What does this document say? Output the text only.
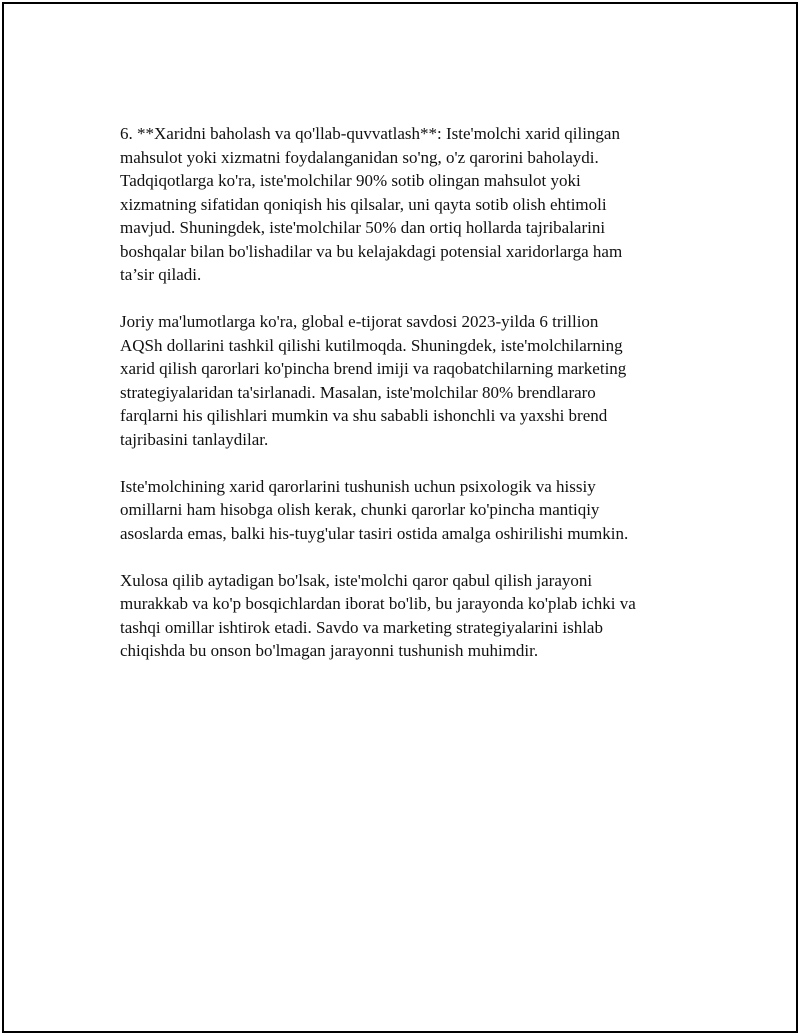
6. **Xaridni baholash va qo'llab-quvvatlash**: Iste'molchi xarid qilingan
mahsulot yoki xizmatni foydalanganidan so'ng, o'z qarorini baholaydi.
Tadqiqotlarga ko'ra, iste'molchilar 90% sotib olingan mahsulot yoki
xizmatning sifatidan qoniqish his qilsalar, uni qayta sotib olish ehtimoli
mavjud. Shuningdek, iste'molchilar 50% dan ortiq hollarda tajribalarini
boshqalar bilan bo'lishadilar va bu kelajakdagi potensial xaridorlarga ham
ta’sir qiladi.

Joriy ma'lumotlarga ko'ra, global e-tijorat savdosi 2023-yilda 6 trillion
AQSh dollarini tashkil qilishi kutilmoqda. Shuningdek, iste'molchilarning
xarid qilish qarorlari ko'pincha brend imiji va raqobatchilarning marketing
strategiyalaridan ta'sirlanadi. Masalan, iste'molchilar 80% brendlararo
farqlarni his qilishlari mumkin va shu sababli ishonchli va yaxshi brend
tajribasini tanlaydilar.

Iste'molchining xarid qarorlarini tushunish uchun psixologik va hissiy
omillarni ham hisobga olish kerak, chunki qarorlar ko'pincha mantiqiy
asoslarda emas, balki his-tuyg'ular tasiri ostida amalga oshirilishi mumkin.

Xulosa qilib aytadigan bo'lsak, iste'molchi qaror qabul qilish jarayoni
murakkab va ko'p bosqichlardan iborat bo'lib, bu jarayonda ko'plab ichki va
tashqi omillar ishtirok etadi. Savdo va marketing strategiyalarini ishlab
chiqishda bu onson bo'lmagan jarayonni tushunish muhimdir.
